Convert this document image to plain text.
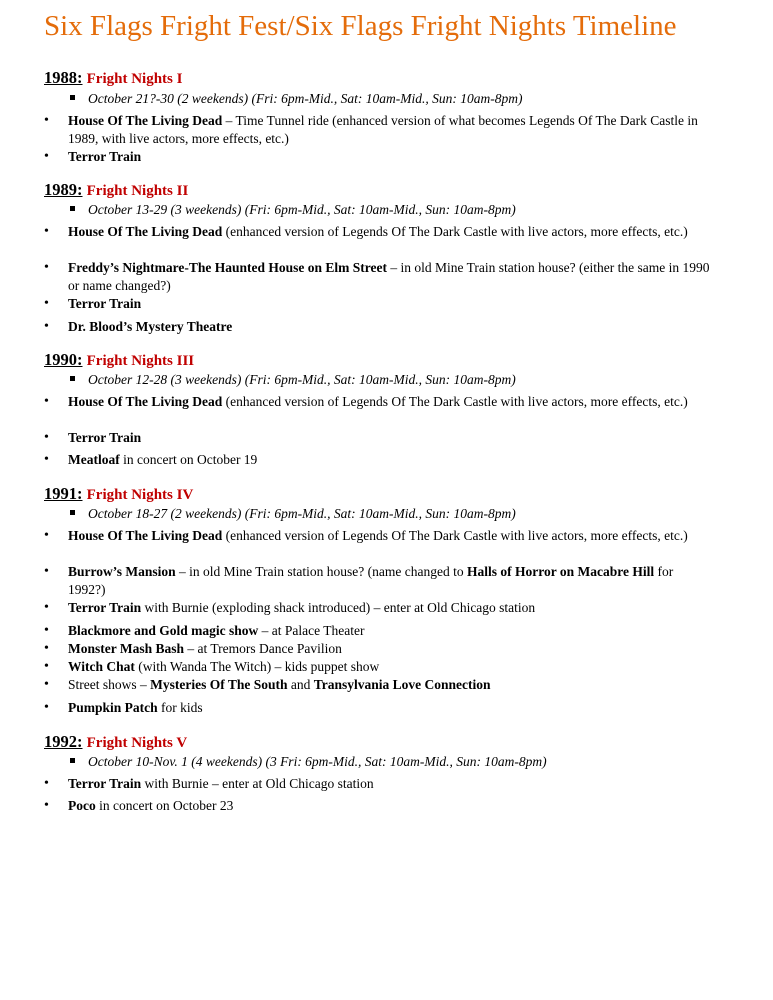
Six Flags Fright Fest/Six Flags Fright Nights Timeline
1988: Fright Nights I
October 21?-30 (2 weekends) (Fri: 6pm-Mid., Sat: 10am-Mid., Sun: 10am-8pm)
• House Of The Living Dead – Time Tunnel ride (enhanced version of what becomes Legends Of The Dark Castle in 1989, with live actors, more effects, etc.)
• Terror Train
1989: Fright Nights II
October 13-29 (3 weekends) (Fri: 6pm-Mid., Sat: 10am-Mid., Sun: 10am-8pm)
• House Of The Living Dead (enhanced version of Legends Of The Dark Castle with live actors, more effects, etc.)
• Freddy’s Nightmare-The Haunted House on Elm Street – in old Mine Train station house? (either the same in 1990 or name changed?)
• Terror Train
• Dr. Blood’s Mystery Theatre
1990: Fright Nights III
October 12-28 (3 weekends) (Fri: 6pm-Mid., Sat: 10am-Mid., Sun: 10am-8pm)
• House Of The Living Dead (enhanced version of Legends Of The Dark Castle with live actors, more effects, etc.)
• Terror Train
• Meatloaf in concert on October 19
1991: Fright Nights IV
October 18-27 (2 weekends) (Fri: 6pm-Mid., Sat: 10am-Mid., Sun: 10am-8pm)
• House Of The Living Dead (enhanced version of Legends Of The Dark Castle with live actors, more effects, etc.)
• Burrow’s Mansion – in old Mine Train station house? (name changed to Halls of Horror on Macabre Hill for 1992?)
• Terror Train with Burnie (exploding shack introduced) – enter at Old Chicago station
• Blackmore and Gold magic show – at Palace Theater
• Monster Mash Bash – at Tremors Dance Pavilion
• Witch Chat (with Wanda The Witch) – kids puppet show
• Street shows – Mysteries Of The South and Transylvania Love Connection
• Pumpkin Patch for kids
1992: Fright Nights V
October 10-Nov. 1 (4 weekends) (3 Fri: 6pm-Mid., Sat: 10am-Mid., Sun: 10am-8pm)
• Terror Train with Burnie – enter at Old Chicago station
• Poco in concert on October 23
